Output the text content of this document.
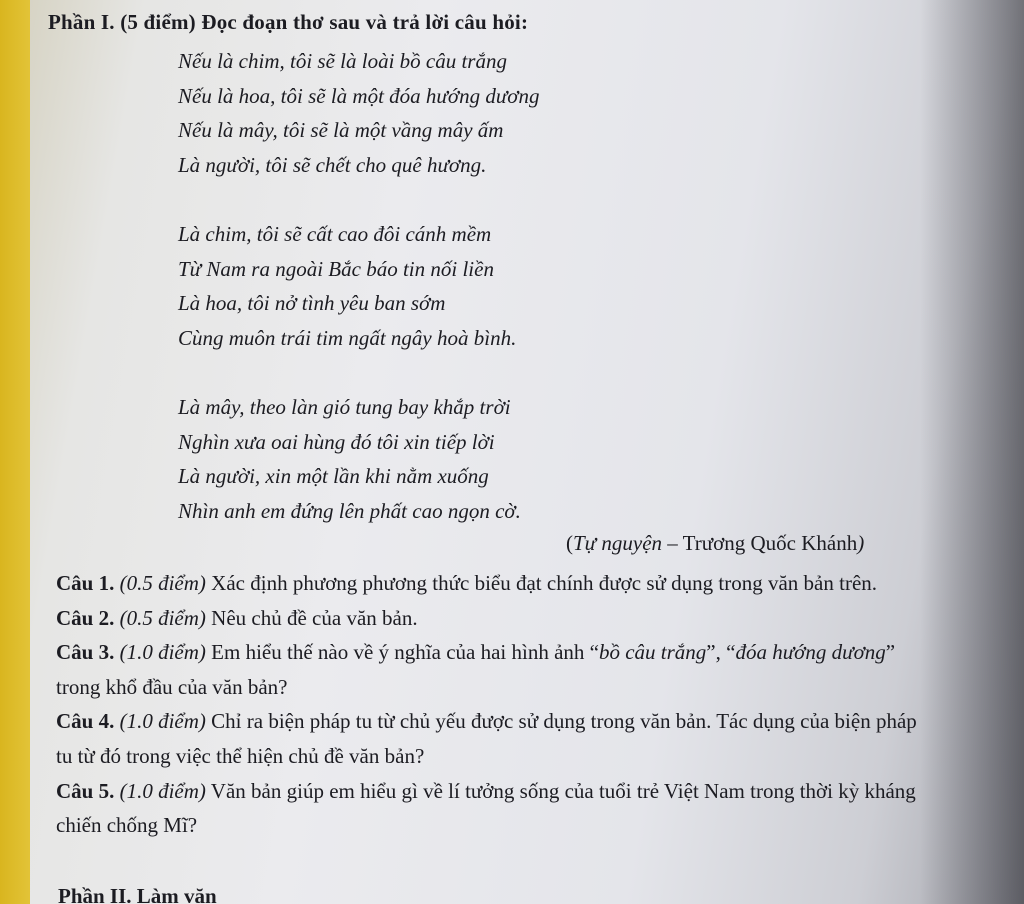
Phần I. (5 điểm) Đọc đoạn thơ sau và trả lời câu hỏi:
Nếu là chim, tôi sẽ là loài bồ câu trắng
Nếu là hoa, tôi sẽ là một đóa hướng dương
Nếu là mây, tôi sẽ là một vầng mây ấm
Là người, tôi sẽ chết cho quê hương.
Là chim, tôi sẽ cất cao đôi cánh mềm
Từ Nam ra ngoài Bắc báo tin nối liền
Là hoa, tôi nở tình yêu ban sớm
Cùng muôn trái tim ngất ngây hoà bình.
Là mây, theo làn gió tung bay khắp trời
Nghìn xưa oai hùng đó tôi xin tiếp lời
Là người, xin một lần khi nằm xuống
Nhìn anh em đứng lên phất cao ngọn cờ.
(Tự nguyện – Trương Quốc Khánh)

Câu 1. (0.5 điểm) Xác định phương phương thức biểu đạt chính được sử dụng trong văn bản trên.

Câu 2. (0.5 điểm) Nêu chủ đề của văn bản.

Câu 3. (1.0 điểm) Em hiểu thế nào về ý nghĩa của hai hình ảnh “bồ câu trắng”, “đóa hướng dương” trong khổ đầu của văn bản?

Câu 4. (1.0 điểm) Chỉ ra biện pháp tu từ chủ yếu được sử dụng trong văn bản. Tác dụng của biện pháp tu từ đó trong việc thể hiện chủ đề văn bản?

Câu 5. (1.0 điểm) Văn bản giúp em hiểu gì về lí tưởng sống của tuổi trẻ Việt Nam trong thời kỳ kháng chiến chống Mĩ?

Phần II. Làm văn
